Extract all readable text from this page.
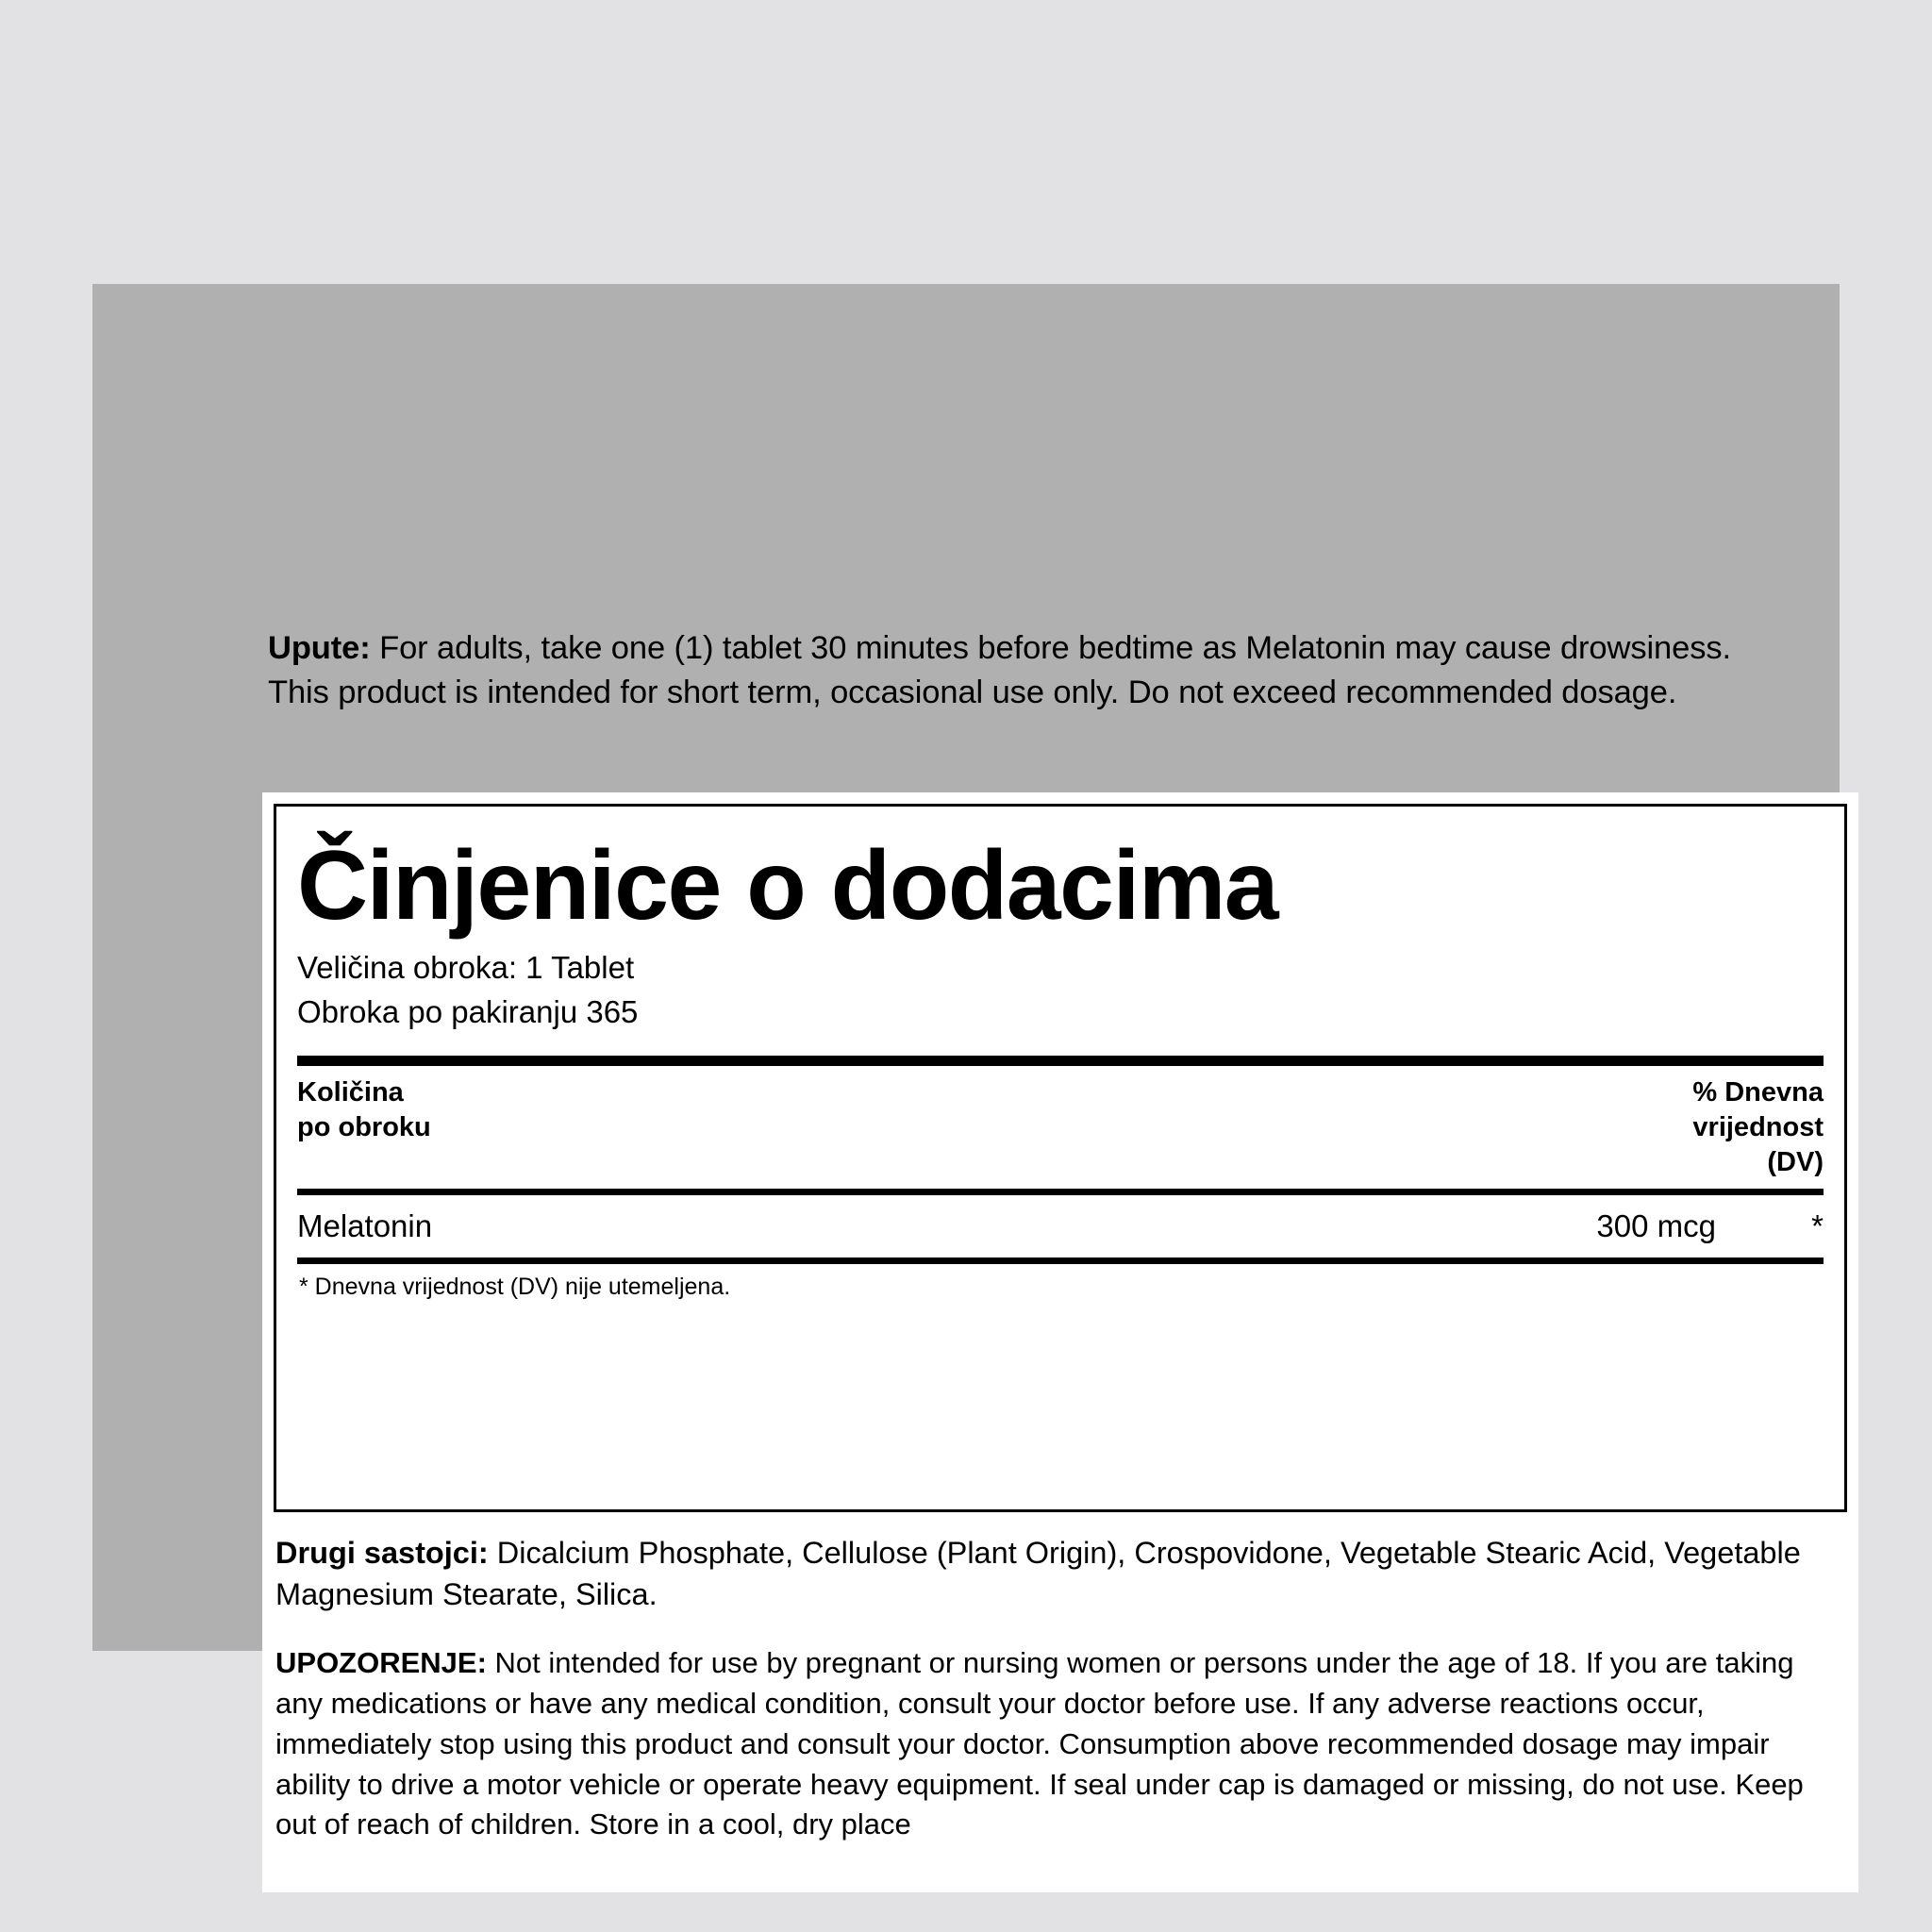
Upute: For adults, take one (1) tablet 30 minutes before bedtime as Melatonin may cause drowsiness. This product is intended for short term, occasional use only. Do not exceed recommended dosage.
Činjenice o dodacima
Veličina obroka: 1 Tablet
Obroka po pakiranju 365
Količina
po obroku
% Dnevna
vrijednost
(DV)
Melatonin	300 mcg	*
* Dnevna vrijednost (DV) nije utemeljena.
Drugi sastojci: Dicalcium Phosphate, Cellulose (Plant Origin), Crospovidone, Vegetable Stearic Acid, Vegetable Magnesium Stearate, Silica.
UPOZORENJE: Not intended for use by pregnant or nursing women or persons under the age of 18. If you are taking any medications or have any medical condition, consult your doctor before use. If any adverse reactions occur, immediately stop using this product and consult your doctor. Consumption above recommended dosage may impair ability to drive a motor vehicle or operate heavy equipment. If seal under cap is damaged or missing, do not use. Keep out of reach of children. Store in a cool, dry place
